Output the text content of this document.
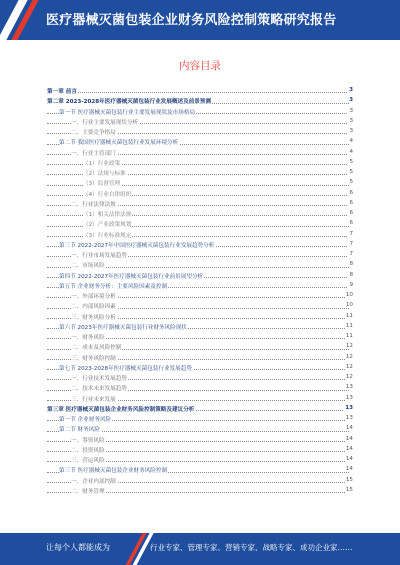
医疗器械灭菌包装企业财务风险控制策略研究报告
内容目录
第一章 前言	3
第二章 2023-2028年医疗器械灭菌包装行业发展概述及前景预测	3
第一节 医疗器械灭菌包装行业主要发展现状及市场格局	3
一、行业主要发展现状分析	3
二、主要竞争格局	3
第二节 我国医疗器械灭菌包装行业发展环境分析	4
一、行业主管部门	4
（1）行业政策	5
（2）法规与标准	5
（3）监督管理	5
（4）行业自律组织	6
二、行业法律法规	6
（1）相关法律法规	6
（2）产业政策规划	6
（3）行业标准规定	7
第三节 2022-2027年中国医疗器械灭菌包装行业发展趋势分析	7
一、行业市场发展趋势	7
二、市场风险	8
第四节 2022-2027年医疗器械灭菌包装行业前景展望分析	8
第五节 企业财务分析：主要风险因素及控制	9
一、外部环境分析	10
二、内部风险因素	10
三、财务风险分析	11
第六节 2023年医疗器械灭菌包装行业财务风险现状	11
一、财务风险	11
二、成本及风险控制	12
三、财务风险控制	12
第七节 2023-2028年医疗器械灭菌包装行业发展趋势	12
一、行业技术发展趋势	12
二、技术未来发展趋势	13
三、行业未来发展	13
第三章 医疗器械灭菌包装企业财务风险控制策略及建议分析	13
第一节 企业财务风险	13
第二节 财务风险	14
一、筹资风险	14
二、投资风险	14
三、营运风险	14
第三节 医疗器械灭菌包装企业财务风险控制	14
一、企业内部控制	15
二、财务管理	15
让每个人都能成为	行业专家、管理专家、营销专家、战略专家、成功企业家……
